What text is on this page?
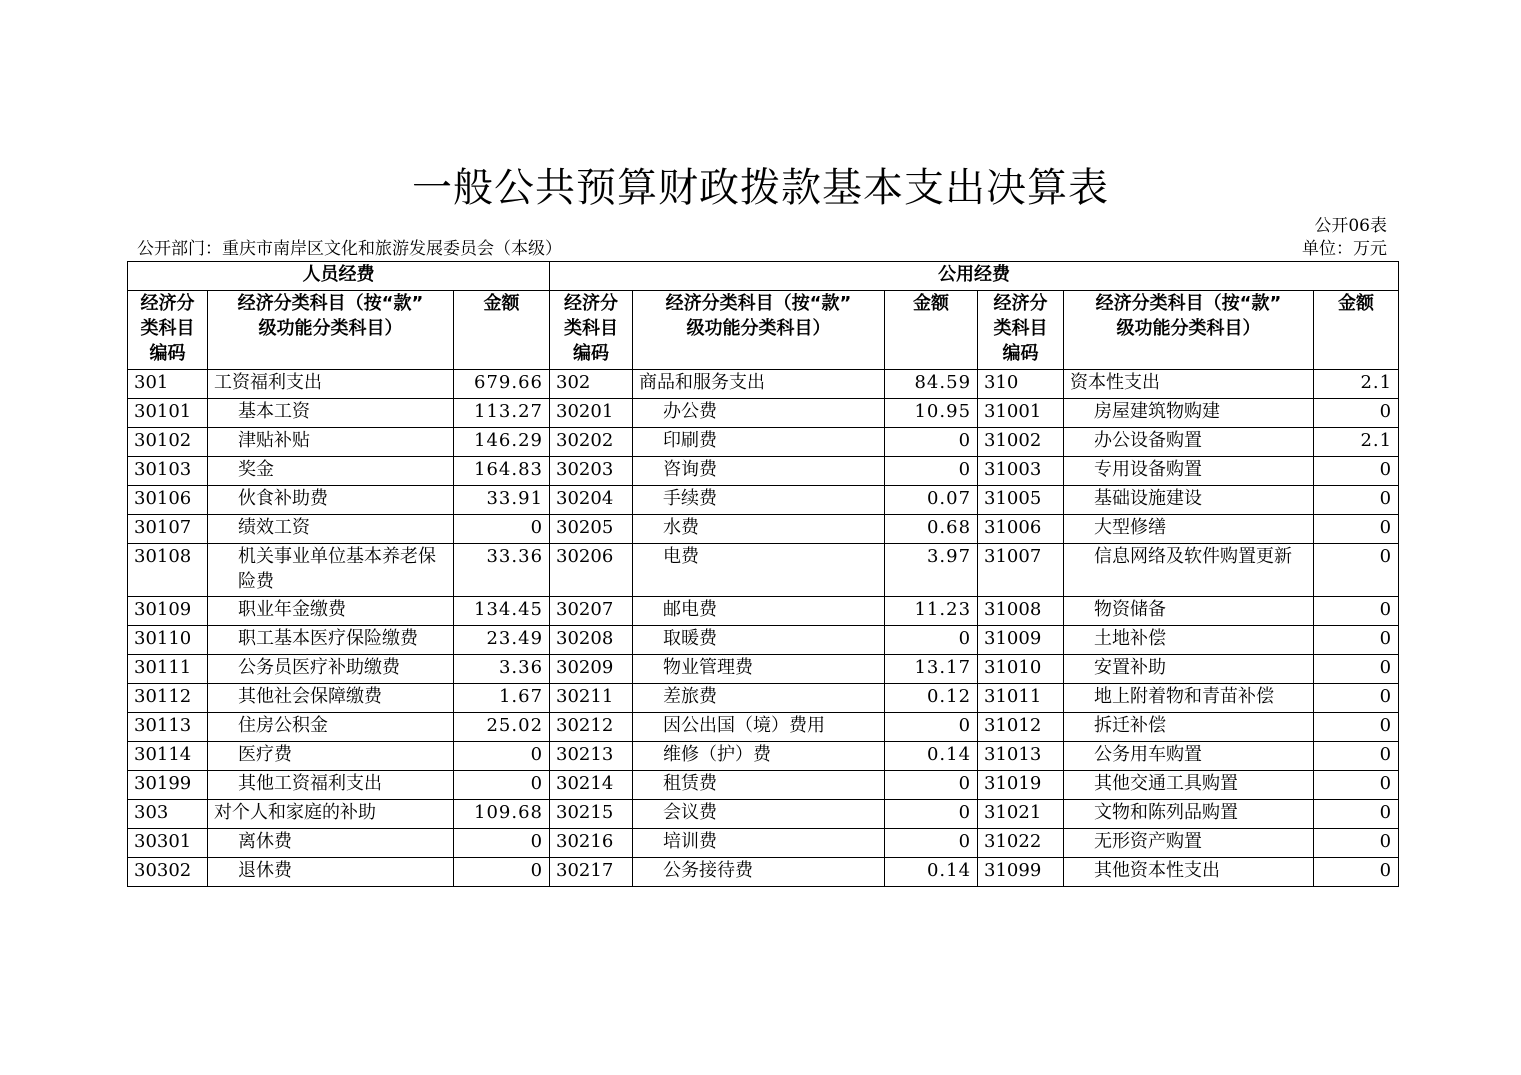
一般公共预算财政拨款基本支出决算表
公开06表
公开部门：重庆市南岸区文化和旅游发展委员会（本级）	单位：万元
人员经费			公用经费					

经济分
类科目
编码	经济分类科目（按“款”
级功能分类科目）	金额	经济分
类科目
编码	经济分类科目（按“款”
级功能分类科目）	金额	经济分
类科目
编码	经济分类科目（按“款”
级功能分类科目）	金额
301	工资福利支出	679.66	302	商品和服务支出	84.59	310	资本性支出	2.1
30101	基本工资	113.27	30201	办公费	10.95	31001	房屋建筑物购建	0
30102	津贴补贴	146.29	30202	印刷费	0	31002	办公设备购置	2.1
30103	奖金	164.83	30203	咨询费	0	31003	专用设备购置	0
30106	伙食补助费	33.91	30204	手续费	0.07	31005	基础设施建设	0
30107	绩效工资	0	30205	水费	0.68	31006	大型修缮	0
30108	机关事业单位基本养老保险费	33.36	30206	电费	3.97	31007	信息网络及软件购置更新	0
30109	职业年金缴费	134.45	30207	邮电费	11.23	31008	物资储备	0
30110	职工基本医疗保险缴费	23.49	30208	取暖费	0	31009	土地补偿	0
30111	公务员医疗补助缴费	3.36	30209	物业管理费	13.17	31010	安置补助	0
30112	其他社会保障缴费	1.67	30211	差旅费	0.12	31011	地上附着物和青苗补偿	0
30113	住房公积金	25.02	30212	因公出国（境）费用	0	31012	拆迁补偿	0
30114	医疗费	0	30213	维修（护）费	0.14	31013	公务用车购置	0
30199	其他工资福利支出	0	30214	租赁费	0	31019	其他交通工具购置	0
303	对个人和家庭的补助	109.68	30215	会议费	0	31021	文物和陈列品购置	0
30301	离休费	0	30216	培训费	0	31022	无形资产购置	0
30302	退休费	0	30217	公务接待费	0.14	31099	其他资本性支出	0
